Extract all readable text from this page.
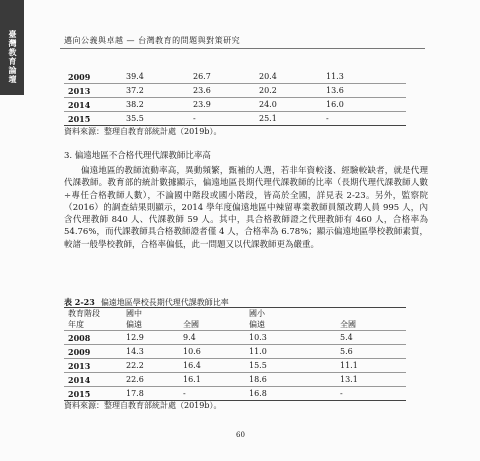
臺灣教育論壇	邁向公義與卓越 — 台灣教育的問題與對策研究
2009	39.4	26.7	20.4	11.3
2013	37.2	23.6	20.2	13.6
2014	38.2	23.9	24.0	16.0
2015	35.5	-	25.1	-
資料來源：整理自教育部統計處（2019b）。
3. 偏遠地區不合格代理代課教師比率高
偏遠地區的教師流動率高，異動頻繁，甄補的人選，若非年資較淺、經驗較缺者，就是代理代課教師。教育部的統計數據顯示，偏遠地區長期代理代課教師的比率（長期代理代課教師人數÷專任合格教師人數），不論國中階段或國小階段，皆高於全國，詳見表 2-23。另外，監察院（2016）的調查結果則顯示，2014 學年度偏遠地區中辣留專業教師員額改聘人員 995 人，內含代理教師 840 人、代課教師 59 人。其中，具合格教師證之代理教師有 460 人，合格率為 54.76%，而代課教師具合格教師證者僅 4 人，合格率為 6.78%；顯示偏遠地區學校教師素質，較諸一般學校教師，合格率偏低，此一問題又以代課教師更為嚴重。
表 2-23 偏遠地區學校長期代理代課教師比率
教育階段	國中		國小	
年度	偏遠	全國	偏遠	全國
2008	12.9	9.4	10.3	5.4
2009	14.3	10.6	11.0	5.6
2013	22.2	16.4	15.5	11.1
2014	22.6	16.1	18.6	13.1
2015	17.8	-	16.8	-
資料來源：整理自教育部統計處（2019b）。
60
